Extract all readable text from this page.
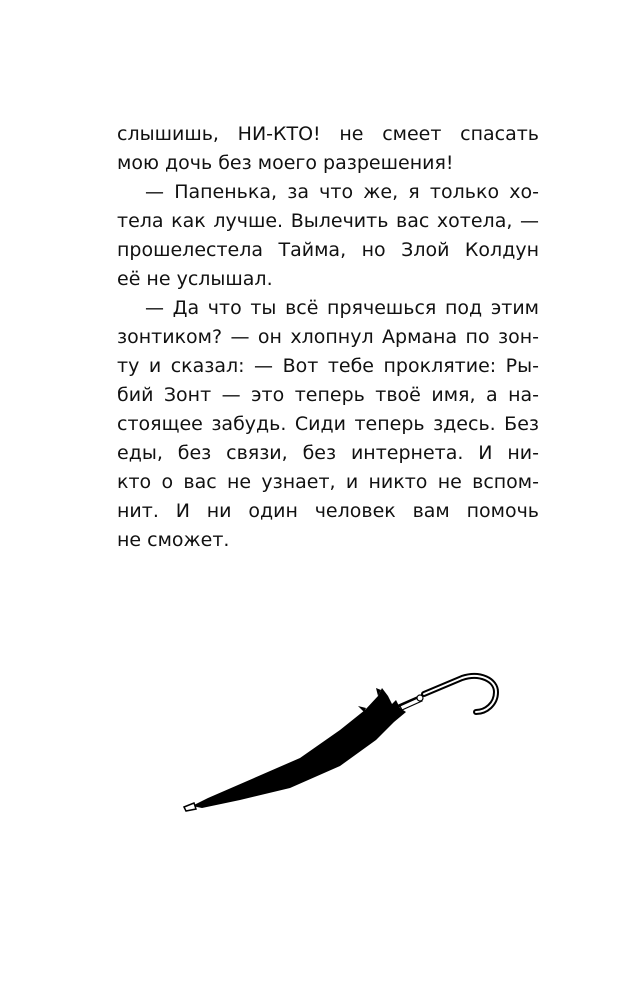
слышишь, НИ-КТО! не смеет спасать
мою дочь без моего разрешения!
— Папенька, за что же, я только хо-
тела как лучше. Вылечить вас хотела, —
прошелестела Тайма, но Злой Колдун
её не услышал.
— Да что ты всё прячешься под этим
зонтиком? — он хлопнул Армана по зон-
ту и сказал: — Вот тебе проклятие: Ры-
бий Зонт — это теперь твоё имя, а на-
стоящее забудь. Сиди теперь здесь. Без
еды, без связи, без интернета. И ни-
кто о вас не узнает, и никто не вспом-
нит. И ни один человек вам помочь
не сможет.
